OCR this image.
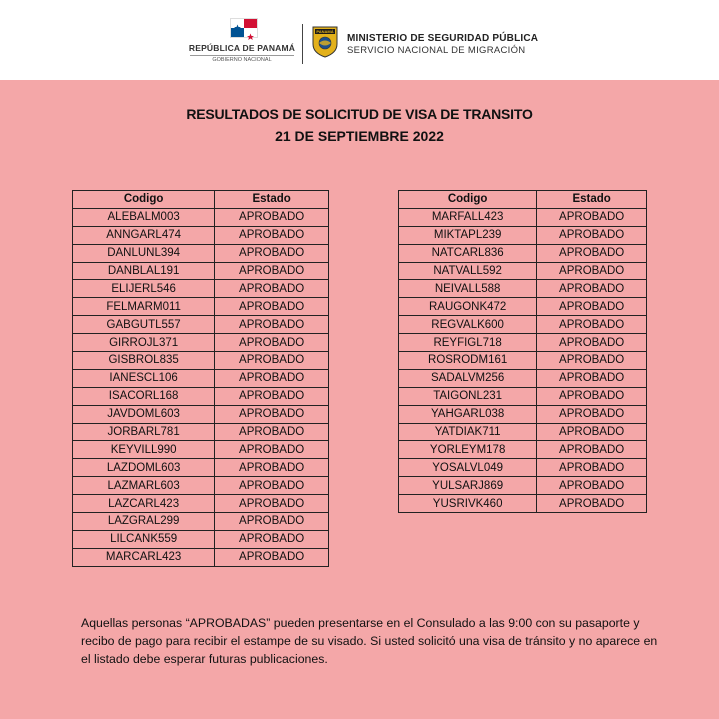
REPÚBLICA DE PANAMÁ
GOBIERNO NACIONAL
PANAMÁ
MINISTERIO DE SEGURIDAD PÚBLICA
SERVICIO NACIONAL DE MIGRACIÓN
RESULTADOS DE SOLICITUD DE VISA DE TRANSITO
21 DE SEPTIEMBRE 2022
Codigo	Estado
ALEBALM003	APROBADO
ANNGARL474	APROBADO
DANLUNL394	APROBADO
DANBLAL191	APROBADO
ELIJERL546	APROBADO
FELMARM011	APROBADO
GABGUTL557	APROBADO
GIRROJL371	APROBADO
GISBROL835	APROBADO
IANESCL106	APROBADO
ISACORL168	APROBADO
JAVDOML603	APROBADO
JORBARL781	APROBADO
KEYVILL990	APROBADO
LAZDOML603	APROBADO
LAZMARL603	APROBADO
LAZCARL423	APROBADO
LAZGRAL299	APROBADO
LILCANK559	APROBADO
MARCARL423	APROBADO
Codigo	Estado
MARFALL423	APROBADO
MIKTAPL239	APROBADO
NATCARL836	APROBADO
NATVALL592	APROBADO
NEIVALL588	APROBADO
RAUGONK472	APROBADO
REGVALK600	APROBADO
REYFIGL718	APROBADO
ROSRODM161	APROBADO
SADALVM256	APROBADO
TAIGONL231	APROBADO
YAHGARL038	APROBADO
YATDIAK711	APROBADO
YORLEYM178	APROBADO
YOSALVL049	APROBADO
YULSARJ869	APROBADO
YUSRIVK460	APROBADO
Aquellas personas “APROBADAS” pueden presentarse en el Consulado a las 9:00 con su pasaporte y recibo de pago para recibir el estampe de su visado. Si usted solicitó una visa de tránsito y no aparece en el listado debe esperar futuras publicaciones.
